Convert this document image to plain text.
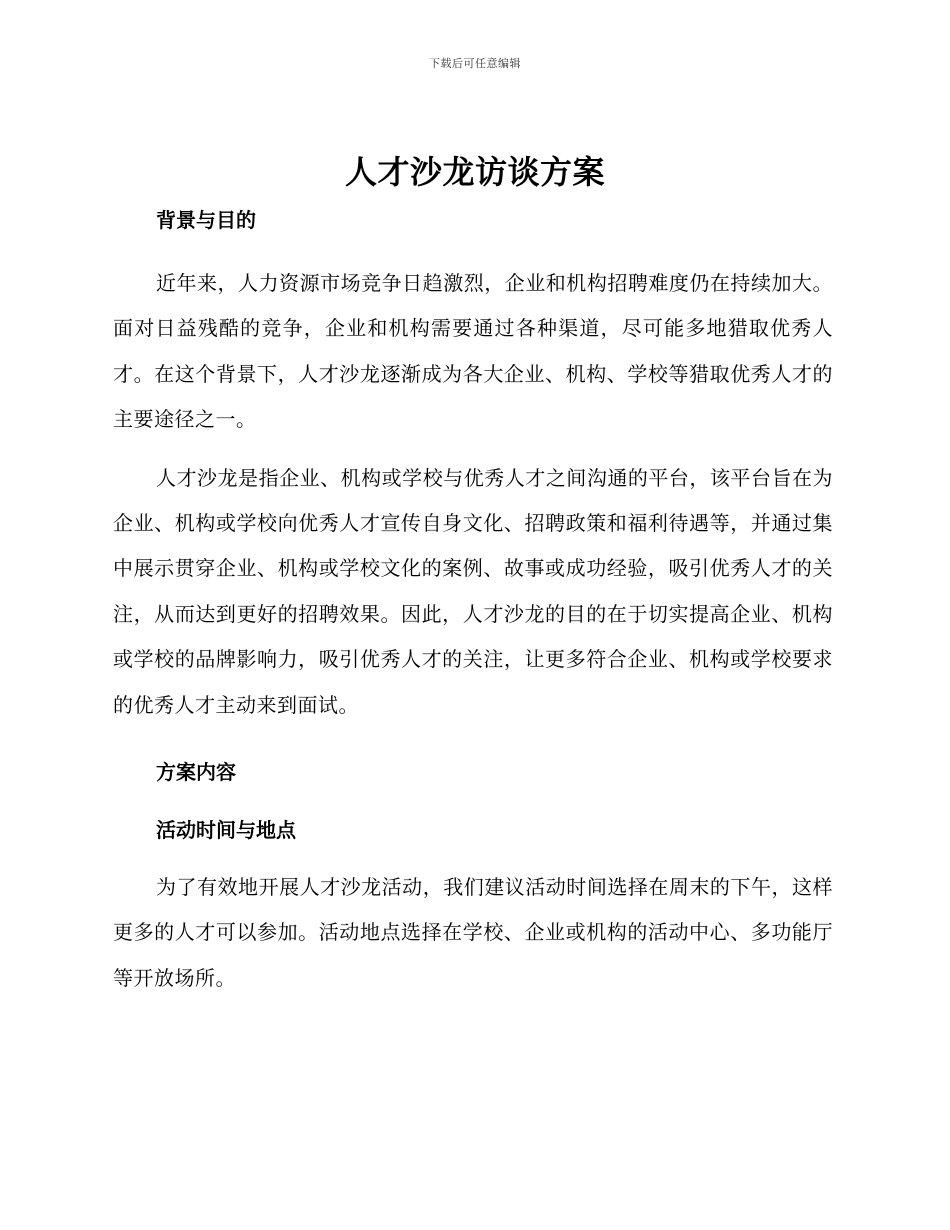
下载后可任意编辑
人才沙龙访谈方案
背景与目的

近年来，人力资源市场竞争日趋激烈，企业和机构招聘难度仍在持续加大。面对日益残酷的竞争，企业和机构需要通过各种渠道，尽可能多地猎取优秀人才。在这个背景下，人才沙龙逐渐成为各大企业、机构、学校等猎取优秀人才的主要途径之一。

人才沙龙是指企业、机构或学校与优秀人才之间沟通的平台，该平台旨在为企业、机构或学校向优秀人才宣传自身文化、招聘政策和福利待遇等，并通过集中展示贯穿企业、机构或学校文化的案例、故事或成功经验，吸引优秀人才的关注，从而达到更好的招聘效果。因此，人才沙龙的目的在于切实提高企业、机构或学校的品牌影响力，吸引优秀人才的关注，让更多符合企业、机构或学校要求的优秀人才主动来到面试。

方案内容
活动时间与地点

为了有效地开展人才沙龙活动，我们建议活动时间选择在周末的下午，这样更多的人才可以参加。活动地点选择在学校、企业或机构的活动中心、多功能厅等开放场所。
